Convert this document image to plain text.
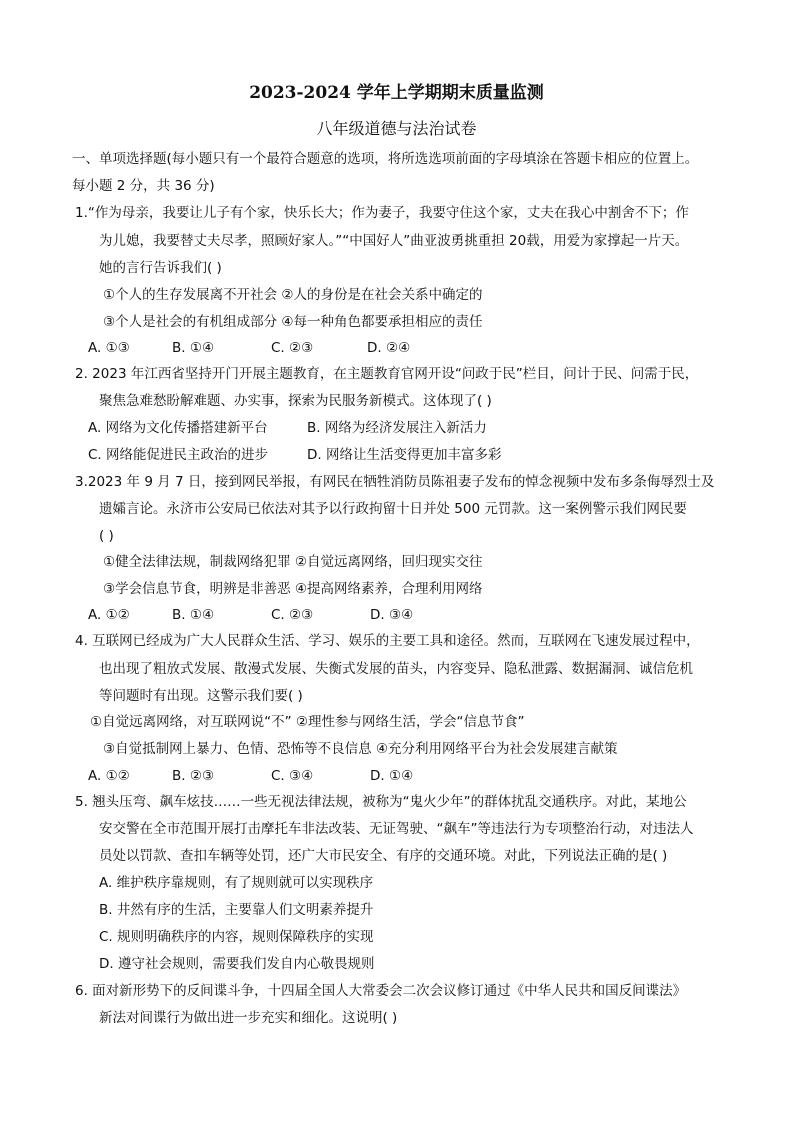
2023-2024 学年上学期期末质量监测
八年级道德与法治试卷
一、单项选择题(每小题只有一个最符合题意的选项，将所选选项前面的字母填涂在答题卡相应的位置上。
每小题 2 分，共 36 分)
1.“作为母亲，我要让儿子有个家，快乐长大；作为妻子，我要守住这个家，丈夫在我心中割舍不下；作
为儿媳，我要替丈夫尽孝，照顾好家人。”“中国好人”曲亚波勇挑重担 20载，用爱为家撑起一片天。
她的言行告诉我们( )
①个人的生存发展离不开社会 ②人的身份是在社会关系中确定的
③个人是社会的有机组成部分 ④每一种角色都要承担相应的责任
A. ①③	B. ①④	C. ②③	D. ②④
2. 2023 年江西省坚持开门开展主题教育，在主题教育官网开设“问政于民”栏目，问计于民、问需于民，
聚焦急难愁盼解难题、办实事，探索为民服务新模式。这体现了( )
A. 网络为文化传播搭建新平台	B. 网络为经济发展注入新活力
C. 网络能促进民主政治的进步	D. 网络让生活变得更加丰富多彩
3.2023 年 9 月 7 日，接到网民举报，有网民在牺牲消防员陈祖妻子发布的悼念视频中发布多条侮辱烈士及
遗孀言论。永济市公安局已依法对其予以行政拘留十日并处 500 元罚款。这一案例警示我们网民要
( )
①健全法律法规，制裁网络犯罪 ②自觉远离网络，回归现实交往
③学会信息节食，明辨是非善恶 ④提高网络素养，合理利用网络
A. ①②	B. ①④	C. ②③	D. ③④
4. 互联网已经成为广大人民群众生活、学习、娱乐的主要工具和途径。然而，互联网在飞速发展过程中，
也出现了粗放式发展、散漫式发展、失衡式发展的苗头，内容变异、隐私泄露、数据漏洞、诚信危机
等问题时有出现。这警示我们要( )
①自觉远离网络，对互联网说“不” ②理性参与网络生活，学会“信息节食”
③自觉抵制网上暴力、色情、恐怖等不良信息 ④充分利用网络平台为社会发展建言献策
A. ①②	B. ②③	C. ③④	D. ①④
5. 翘头压弯、飙车炫技……一些无视法律法规，被称为“鬼火少年”的群体扰乱交通秩序。对此，某地公
安交警在全市范围开展打击摩托车非法改装、无证驾驶、“飙车”等违法行为专项整治行动，对违法人
员处以罚款、查扣车辆等处罚，还广大市民安全、有序的交通环境。对此，下列说法正确的是( )
A. 维护秩序靠规则，有了规则就可以实现秩序
B. 井然有序的生活，主要靠人们文明素养提升
C. 规则明确秩序的内容，规则保障秩序的实现
D. 遵守社会规则，需要我们发自内心敬畏规则
6. 面对新形势下的反间谍斗争，十四届全国人大常委会二次会议修订通过《中华人民共和国反间谍法》
新法对间谍行为做出进一步充实和细化。这说明( )
